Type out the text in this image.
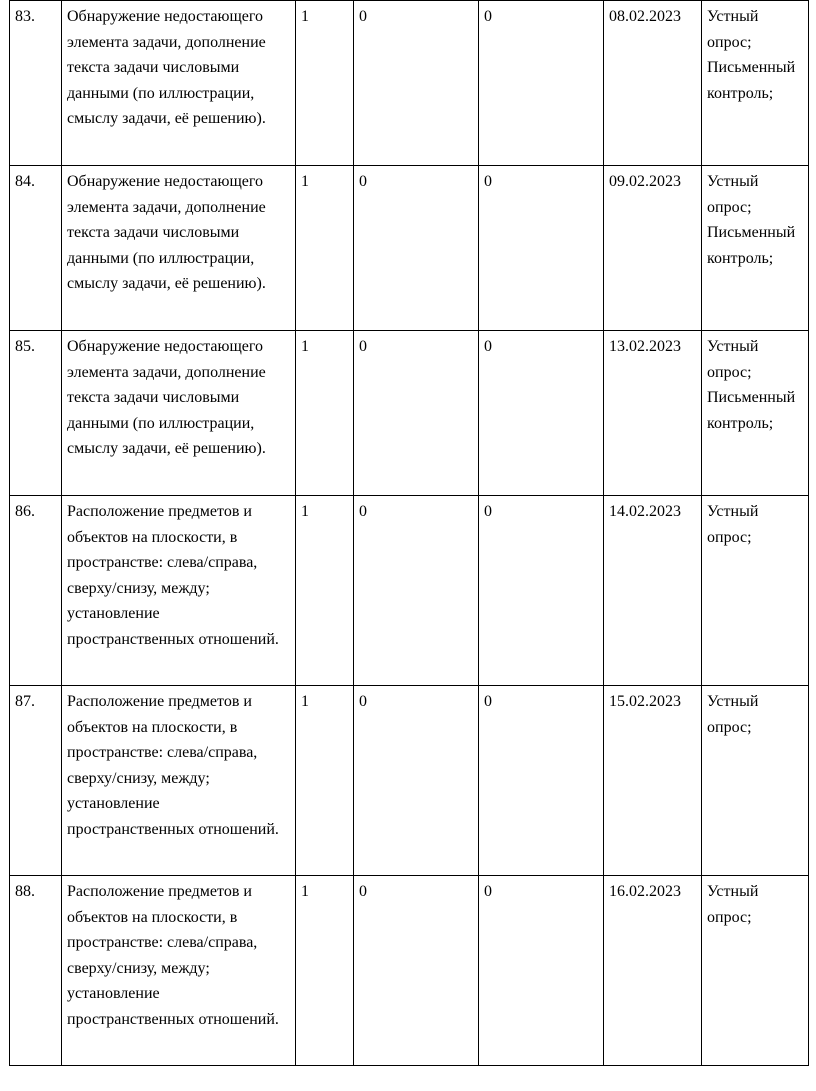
83.	Обнаружение недостающего элемента задачи, дополнение текста задачи числовыми данными (по иллюстрации, смыслу задачи, её решению).	1	0	0	08.02.2023	Устный опрос; Письменный контроль;
84.	Обнаружение недостающего элемента задачи, дополнение текста задачи числовыми данными (по иллюстрации, смыслу задачи, её решению).	1	0	0	09.02.2023	Устный опрос; Письменный контроль;
85.	Обнаружение недостающего элемента задачи, дополнение текста задачи числовыми данными (по иллюстрации, смыслу задачи, её решению).	1	0	0	13.02.2023	Устный опрос; Письменный контроль;
86.	Расположение предметов и объектов на плоскости, в пространстве: слева/справа, сверху/снизу, между; установление пространственных отношений.	1	0	0	14.02.2023	Устный опрос;
87.	Расположение предметов и объектов на плоскости, в пространстве: слева/справа, сверху/снизу, между; установление пространственных отношений.	1	0	0	15.02.2023	Устный опрос;
88.	Расположение предметов и объектов на плоскости, в пространстве: слева/справа, сверху/снизу, между; установление пространственных отношений.	1	0	0	16.02.2023	Устный опрос;
